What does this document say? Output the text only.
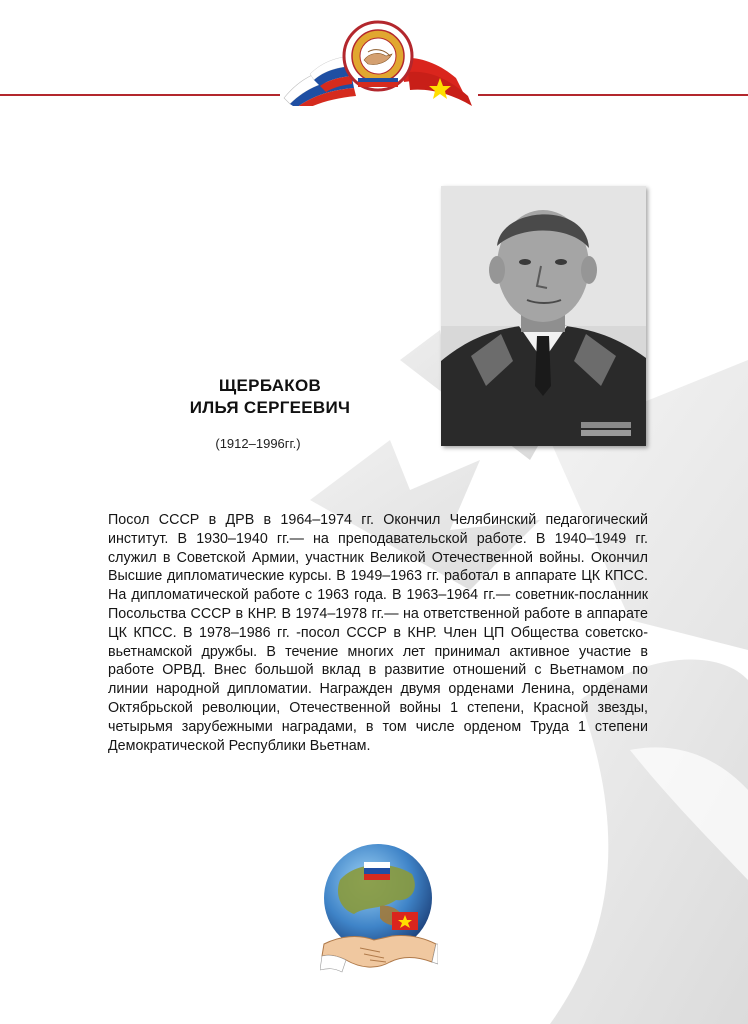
ЩЕРБАКОВ
ИЛЬЯ СЕРГЕЕВИЧ
(1912–1996гг.)

Посол СССР в ДРВ в 1964–1974 гг. Окончил Челябинский педагогический институт. В 1930–1940 гг.— на преподавательской работе. В 1940–1949 гг. служил в Советской Армии, участник Великой Отечественной войны. Окончил Высшие дипломатические курсы. В 1949–1963 гг. работал в аппарате ЦК КПСС. На дипломатической работе с 1963 года. В 1963–1964 гг.— советник-посланник Посольства СССР в КНР. В 1974–1978 гг.— на ответственной работе в аппарате ЦК КПСС. В 1978–1986 гг. -посол СССР в КНР. Член ЦП Общества советско-вьетнамской дружбы. В течение многих лет принимал активное участие в работе ОРВД. Внес большой вклад в развитие отношений с Вьетнамом по линии народной дипломатии. Награжден двумя орденами Ленина, орденами Октябрьской революции, Отечественной войны 1 степени, Красной звезды, четырьмя зарубежными наградами, в том числе орденом Труда 1 степени Демократической Республики Вьетнам.
